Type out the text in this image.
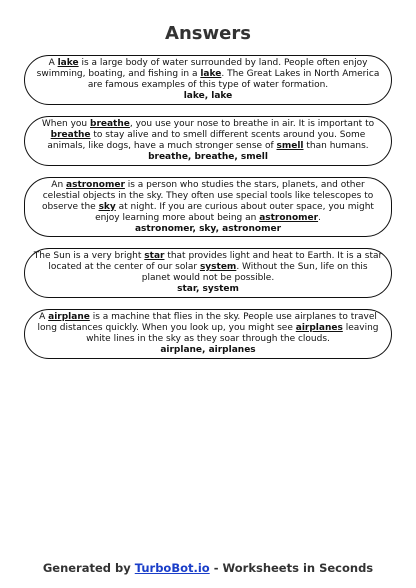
Answers

A lake is a large body of water surrounded by land. People often enjoy swimming, boating, and fishing in a lake. The Great Lakes in North America are famous examples of this type of water formation.

lake, lake

When you breathe, you use your nose to breathe in air. It is important to breathe to stay alive and to smell different scents around you. Some animals, like dogs, have a much stronger sense of smell than humans.

breathe, breathe, smell

An astronomer is a person who studies the stars, planets, and other celestial objects in the sky. They often use special tools like telescopes to observe the sky at night. If you are curious about outer space, you might enjoy learning more about being an astronomer.

astronomer, sky, astronomer

The Sun is a very bright star that provides light and heat to Earth. It is a star located at the center of our solar system. Without the Sun, life on this planet would not be possible.

star, system

A airplane is a machine that flies in the sky. People use airplanes to travel long distances quickly. When you look up, you might see airplanes leaving white lines in the sky as they soar through the clouds.

airplane, airplanes

Generated by TurboBot.io - Worksheets in Seconds
